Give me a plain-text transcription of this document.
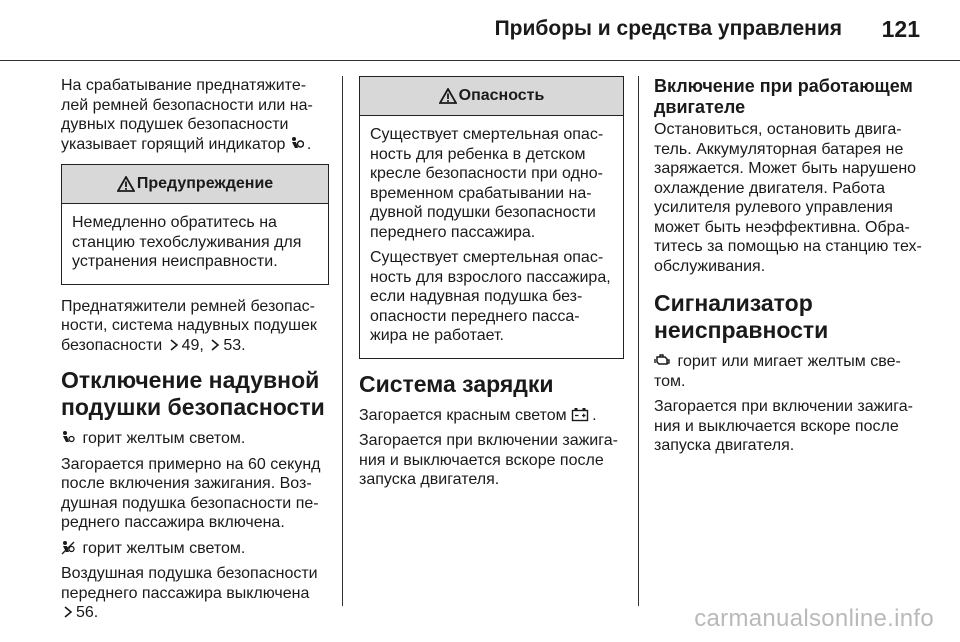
Приборы и средства управления 121

На срабатывание преднатяжите-лей ремней безопасности или на-дувных подушек безопасности указывает горящий индикатор .

Предупреждение

Немедленно обратитесь на станцию техобслуживания для устранения неисправности.

Преднатяжители ремней безопас-ности, система надувных подушек безопасности 49, 53.

Отключение надувной подушки безопасности

горит желтым светом.

Загорается примерно на 60 секунд после включения зажигания. Воз-душная подушка безопасности пе-реднего пассажира включена.

горит желтым светом.

Воздушная подушка безопасности переднего пассажира выключена
56.

Опасность

Существует смертельная опас-ность для ребенка в детском кресле безопасности при одно-временном срабатывании на-дувной подушки безопасности переднего пассажира.

Существует смертельная опас-ность для взрослого пассажира, если надувная подушка без-опасности переднего пасса-жира не работает.

Система зарядки

Загорается красным светом .

Загорается при включении зажига-ния и выключается вскоре после запуска двигателя.

Включение при работающем двигателе

Остановиться, остановить двига-тель. Аккумуляторная батарея не заряжается. Может быть нарушено охлаждение двигателя. Работа усилителя рулевого управления может быть неэффективна. Обра-титесь за помощью на станцию тех-обслуживания.

Сигнализатор неисправности

горит или мигает желтым све-том.

Загорается при включении зажига-ния и выключается вскоре после запуска двигателя.

carmanualsonline.info
